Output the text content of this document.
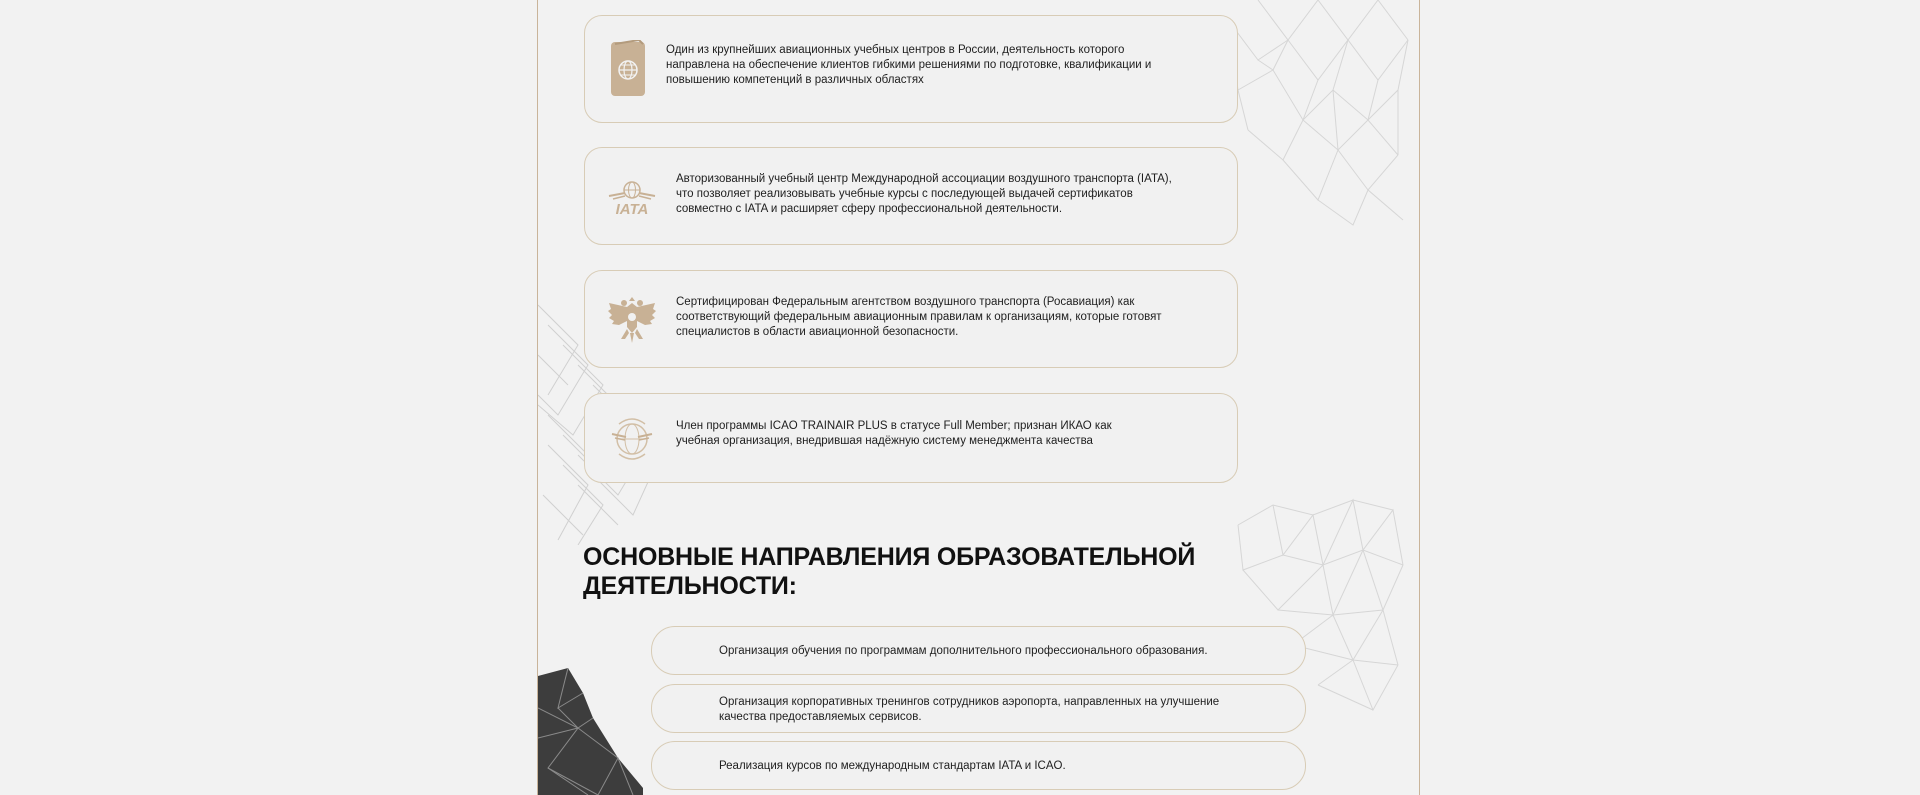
Один из крупнейших авиационных учебных центров в России, деятельность которого направлена на обеспечение клиентов гибкими решениями по подготовке, квалификации и повышению компетенций в различных областях
IATA
Авторизованный учебный центр Международной ассоциации воздушного транспорта (IATA), что позволяет реализовывать учебные курсы с последующей выдачей сертификатов совместно с IATA и расширяет сферу профессиональной деятельности.
Сертифицирован Федеральным агентством воздушного транспорта (Росавиация) как соответствующий федеральным авиационным правилам к организациям, которые готовят специалистов в области авиационной безопасности.
Член программы ICAO TRAINAIR PLUS в статусе Full Member; признан ИКАО как учебная организация, внедрившая надёжную систему менеджмента качества
ОСНОВНЫЕ НАПРАВЛЕНИЯ ОБРАЗОВАТЕЛЬНОЙ ДЕЯТЕЛЬНОСТИ:
Организация обучения по программам дополнительного профессионального образования.
Организация корпоративных тренингов сотрудников аэропорта, направленных на улучшение качества предоставляемых сервисов.
Реализация курсов по международным стандартам IATA и ICAO.
